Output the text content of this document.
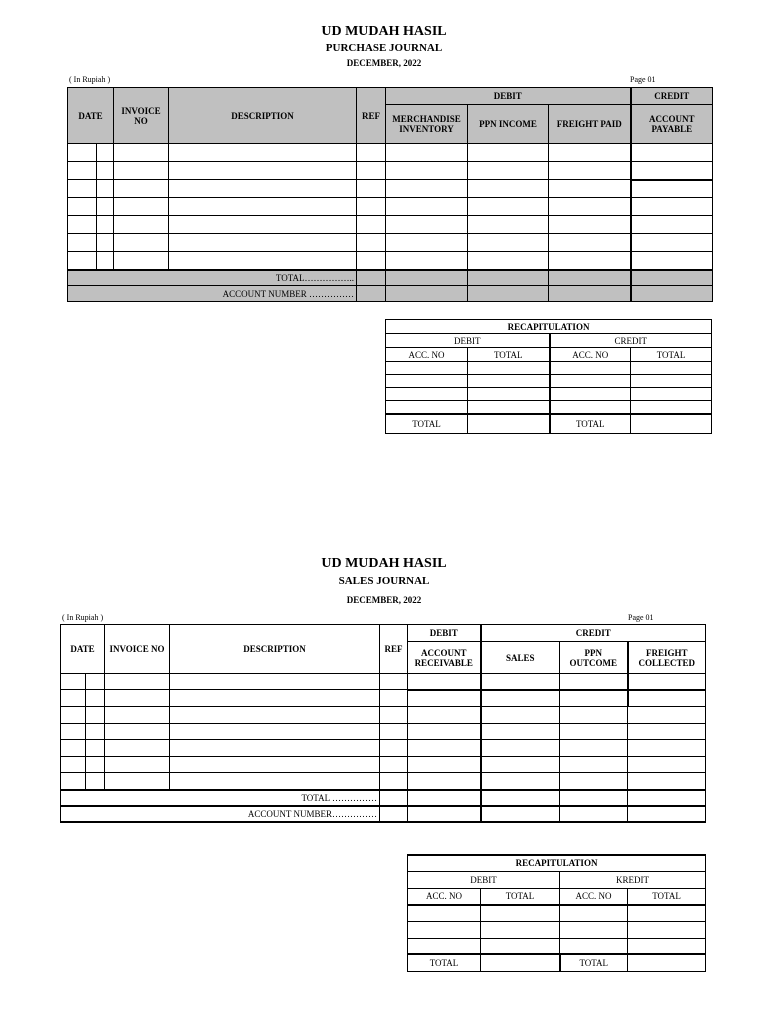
UD MUDAH HASIL
PURCHASE JOURNAL
DECEMBER, 2022
( In Rupiah )	Page 01
DATE		INVOICE NO	DESCRIPTION	REF	DEBIT			CREDIT
					MERCHANDISE INVENTORY	PPN INCOME	FREIGHT PAID	ACCOUNT PAYABLE

TOTAL……………..								
ACCOUNT NUMBER ……………								
RECAPITULATION			
DEBIT		CREDIT	
ACC. NO	TOTAL	ACC. NO	TOTAL

TOTAL		TOTAL	
UD MUDAH HASIL
SALES JOURNAL
DECEMBER, 2022
( In Rupiah )	Page 01
DATE		INVOICE NO	DESCRIPTION	REF	DEBIT	CREDIT		
					ACCOUNT RECEIVABLE	SALES	PPN OUTCOME	FREIGHT COLLECTED

TOTAL ……………								
ACCOUNT NUMBER……………								
RECAPITULATION			
DEBIT		KREDIT	
ACC. NO	TOTAL	ACC. NO	TOTAL

TOTAL		TOTAL	
